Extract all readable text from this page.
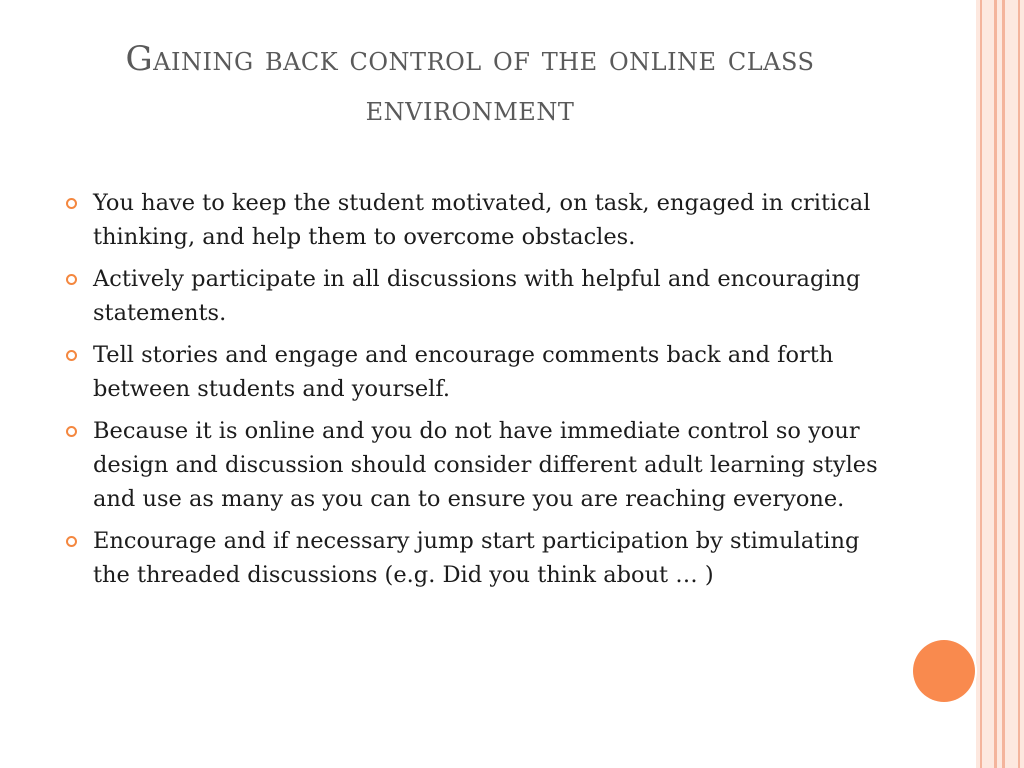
Gaining back control of the online class environment
You have to keep the student motivated, on task, engaged in critical thinking, and help them to overcome obstacles.
Actively participate in all discussions with helpful and encouraging statements.
Tell stories and engage and encourage comments back and forth between students and yourself.
Because it is online and you do not have immediate control so your design and discussion should consider different adult learning styles and use as many as you can to ensure you are reaching everyone.
Encourage and if necessary jump start participation by stimulating the threaded discussions (e.g. Did you think about … )
